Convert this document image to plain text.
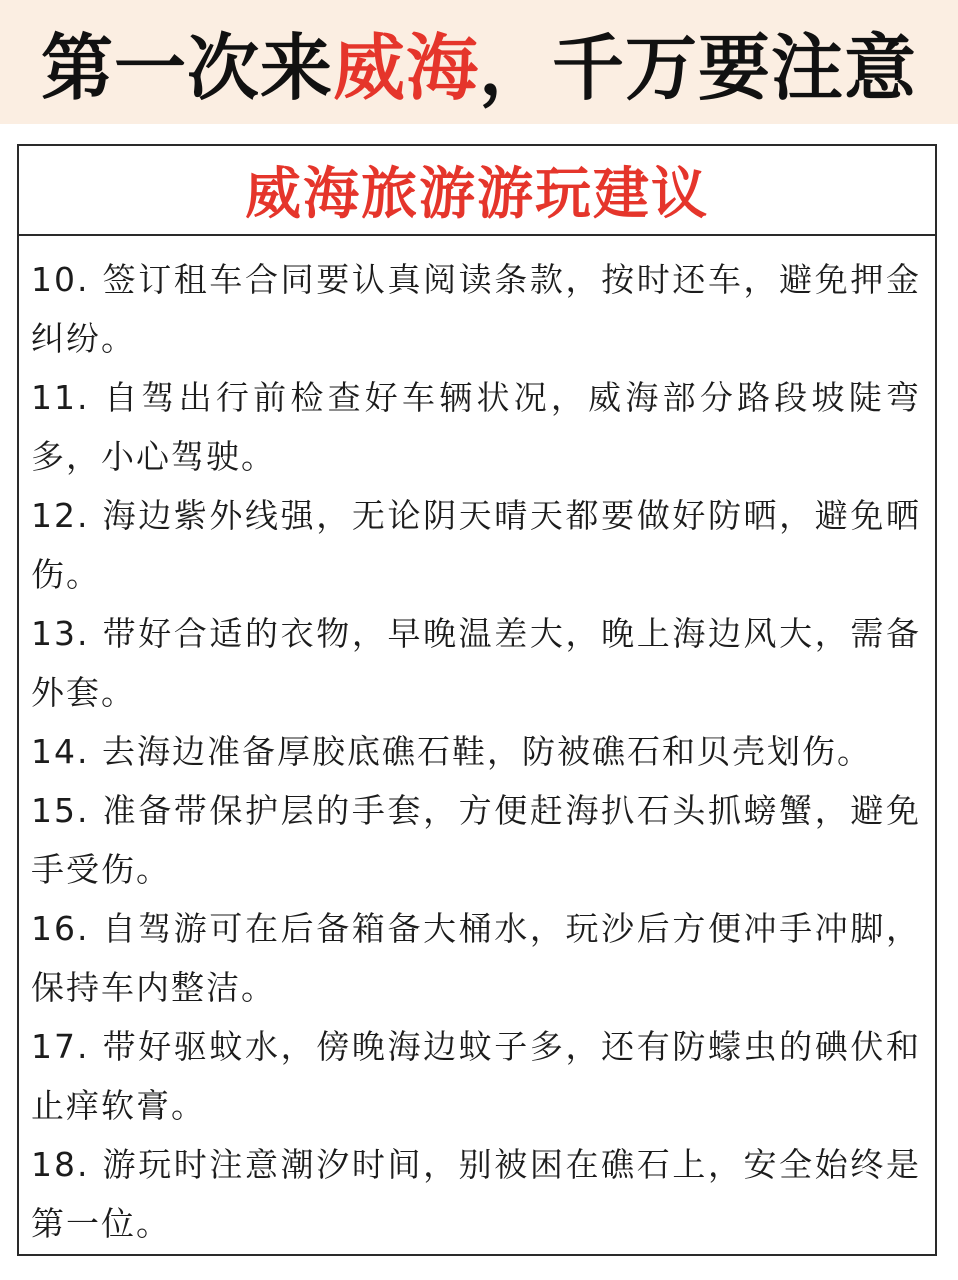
第一次来威海，千万要注意
威海旅游游玩建议
10. 签订租车合同要认真阅读条款，按时还车，避免押金纠纷。
11. 自驾出行前检查好车辆状况，威海部分路段坡陡弯多，小心驾驶。
12. 海边紫外线强，无论阴天晴天都要做好防晒，避免晒伤。
13. 带好合适的衣物，早晚温差大，晚上海边风大，需备外套。
14. 去海边准备厚胶底礁石鞋，防被礁石和贝壳划伤。
15. 准备带保护层的手套，方便赶海扒石头抓螃蟹，避免手受伤。
16. 自驾游可在后备箱备大桶水，玩沙后方便冲手冲脚，保持车内整洁。
17. 带好驱蚊水，傍晚海边蚊子多，还有防蠓虫的碘伏和止痒软膏。
18. 游玩时注意潮汐时间，别被困在礁石上，安全始终是第一位。
